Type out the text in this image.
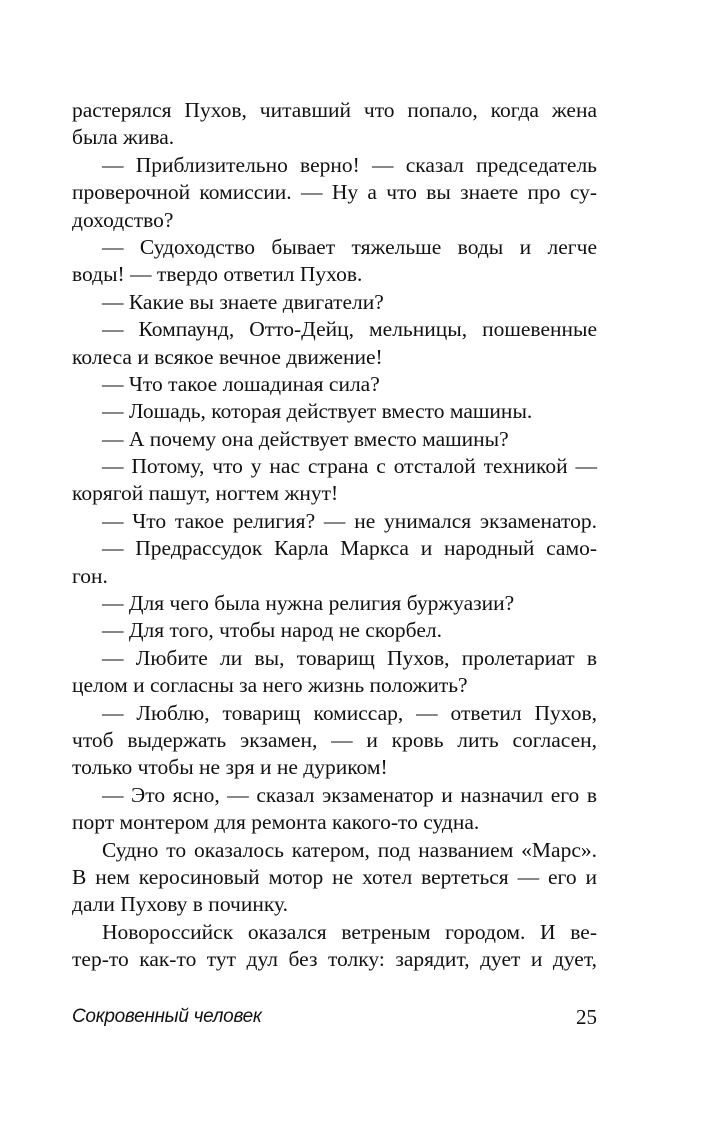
растерялся Пухов, читавший что попало, когда жена
была жива.
— Приблизительно верно! — сказал председатель
проверочной комиссии. — Ну а что вы знаете про су-
доходство?
— Судоходство бывает тяжельше воды и легче
воды! — твердо ответил Пухов.
— Какие вы знаете двигатели?
— Компаунд, Отто-Дейц, мельницы, пошевенные
колеса и всякое вечное движение!
— Что такое лошадиная сила?
— Лошадь, которая действует вместо машины.
— А почему она действует вместо машины?
— Потому, что у нас страна с отсталой техникой —
корягой пашут, ногтем жнут!
— Что такое религия? — не унимался экзаменатор.
— Предрассудок Карла Маркса и народный само-
гон.
— Для чего была нужна религия буржуазии?
— Для того, чтобы народ не скорбел.
— Любите ли вы, товарищ Пухов, пролетариат в
целом и согласны за него жизнь положить?
— Люблю, товарищ комиссар, — ответил Пухов,
чтоб выдержать экзамен, — и кровь лить согласен,
только чтобы не зря и не дуриком!
— Это ясно, — сказал экзаменатор и назначил его в
порт монтером для ремонта какого-то судна.
Судно то оказалось катером, под названием «Марс».
В нем керосиновый мотор не хотел вертеться — его и
дали Пухову в починку.
Новороссийск оказался ветреным городом. И ве-
тер-то как-то тут дул без толку: зарядит, дует и дует,
Сокровенный человек	25
